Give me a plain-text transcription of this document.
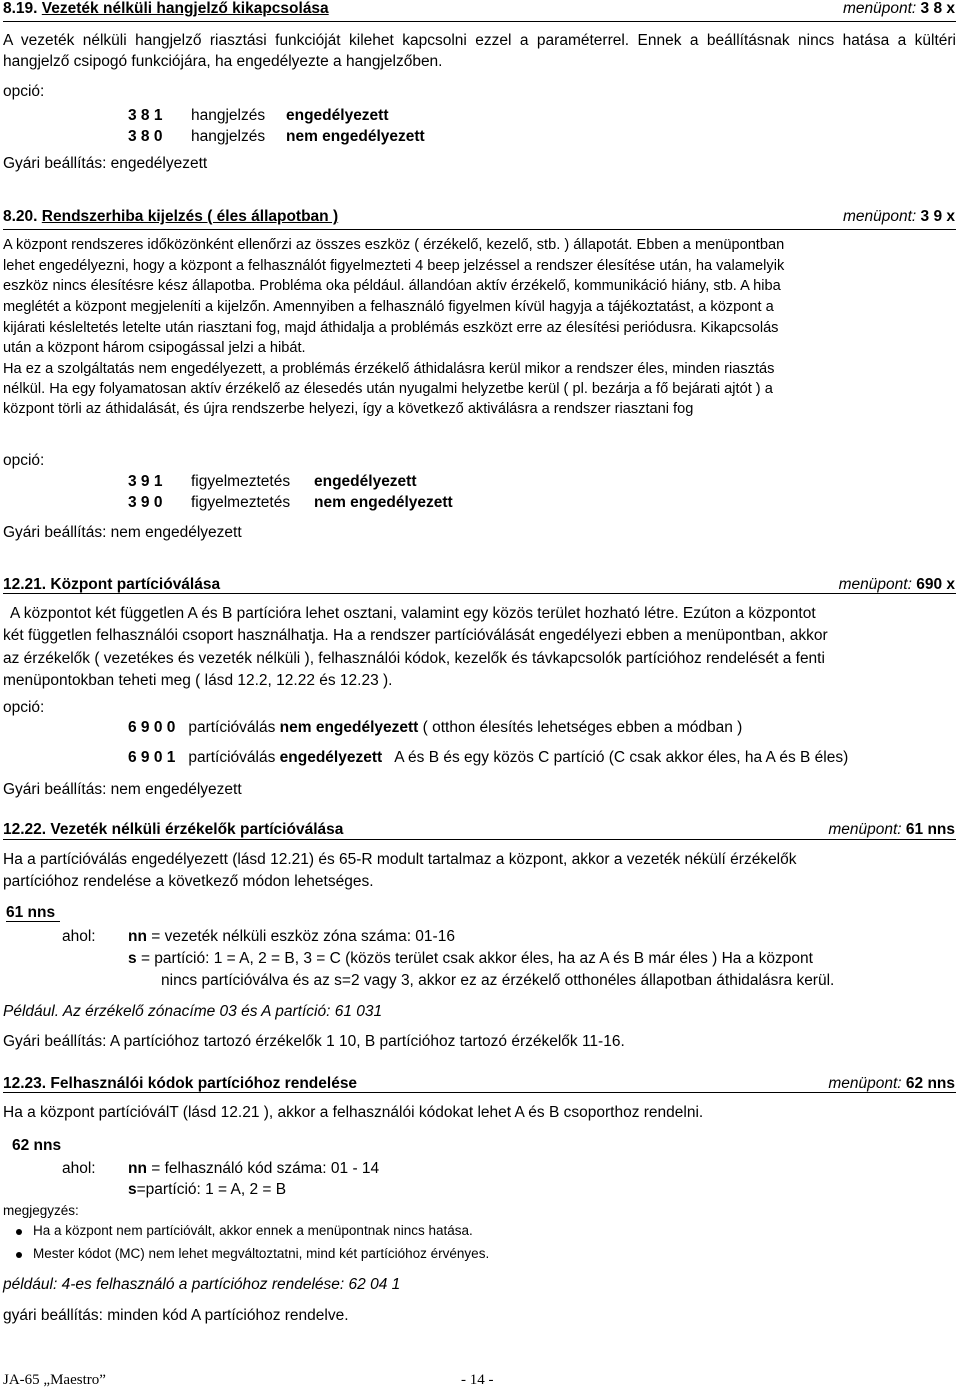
8.19. Vezeték nélküli hangjelző kikapcsolása	menüpont: 3 8 x
A vezeték nélküli hangjelző riasztási funkcióját kilehet kapcsolni ezzel a paraméterrel. Ennek a beállításnak nincs hatása a kültéri hangjelző csipogó funkciójára, ha engedélyezte a hangjelzőben.
opció:
3 8 1 hangjelzés engedélyezett
3 8 0 hangjelzés nem engedélyezett
Gyári beállítás: engedélyezett
8.20. Rendszerhiba kijelzés ( éles állapotban )	menüpont: 3 9 x
A központ rendszeres időközönként ellenőrzi az összes eszköz ( érzékelő, kezelő, stb. ) állapotát. Ebben a menüpontban
lehet engedélyezni, hogy a központ a felhasználót figyelmezteti 4 beep jelzéssel a rendszer élesítése után, ha valamelyik
eszköz nincs élesítésre kész állapotba. Probléma oka például. állandóan aktív érzékelő, kommunikáció hiány, stb. A hiba
meglétét a központ megjeleníti a kijelzőn. Amennyiben a felhasználó figyelmen kívül hagyja a tájékoztatást, a központ a
kijárati késleltetés letelte után riasztani fog, majd áthidalja a problémás eszközt erre az élesítési periódusra. Kikapcsolás
után a központ három csipogással jelzi a hibát.
Ha ez a szolgáltatás nem engedélyezett, a problémás érzékelő áthidalásra kerül mikor a rendszer éles, minden riasztás
nélkül. Ha egy folyamatosan aktív érzékelő az élesedés után nyugalmi helyzetbe kerül ( pl. bezárja a fő bejárati ajtót ) a
központ törli az áthidalását, és újra rendszerbe helyezi, így a következő aktiválásra a rendszer riasztani fog
opció:
3 9 1 figyelmeztetés engedélyezett
3 9 0 figyelmeztetés nem engedélyezett
Gyári beállítás: nem engedélyezett
12.21. Központ partícióválása	menüpont: 690 x
A központot két független A és B partícióra lehet osztani, valamint egy közös terület hozható létre. Ezúton a központot
két független felhasználói csoport használhatja. Ha a rendszer partícióválását engedélyezi ebben a menüpontban, akkor
az érzékelők ( vezetékes és vezeték nélküli ), felhasználói kódok, kezelők és távkapcsolók partícióhoz rendelését a fenti
menüpontokban teheti meg ( lásd 12.2, 12.22 és 12.23 ).
opció:
6 9 0 0 partícióválás nem engedélyezett ( otthon élesítés lehetséges ebben a módban )
6 9 0 1 partícióválás engedélyezett A és B és egy közös C partíció (C csak akkor éles, ha A és B éles)
Gyári beállítás: nem engedélyezett
12.22. Vezeték nélküli érzékelők partícióválása	menüpont: 61 nns
Ha a partícióválás engedélyezett (lásd 12.21) és 65-R modult tartalmaz a központ, akkor a vezeték nékülí érzékelők
partícióhoz rendelése a következő módon lehetséges.
61 nns
ahol: nn = vezeték nélküli eszköz zóna száma: 01-16
s = partíció: 1 = A, 2 = B, 3 = C (közös terület csak akkor éles, ha az A és B már éles ) Ha a központ
nincs partícióválva és az s=2 vagy 3, akkor ez az érzékelő otthonéles állapotban áthidalásra kerül.
Például. Az érzékelő zónacíme 03 és A partíció: 61 031
Gyári beállítás: A partícióhoz tartozó érzékelők 1 10, B partícióhoz tartozó érzékelők 11-16.
12.23. Felhasználói kódok partícióhoz rendelése	menüpont: 62 nns
Ha a központ partícióválT (lásd 12.21 ), akkor a felhasználói kódokat lehet A és B csoporthoz rendelni.
62 nns
ahol: nn = felhasználó kód száma: 01 - 14
s=partíció: 1 = A, 2 = B
megjegyzés:
Ha a központ nem partícióvált, akkor ennek a menüpontnak nincs hatása.
Mester kódot (MC) nem lehet megváltoztatni, mind két partícióhoz érvényes.
például: 4-es felhasználó a partícióhoz rendelése: 62 04 1
gyári beállítás: minden kód A partícióhoz rendelve.
JA-65 „Maestro”	- 14 -
